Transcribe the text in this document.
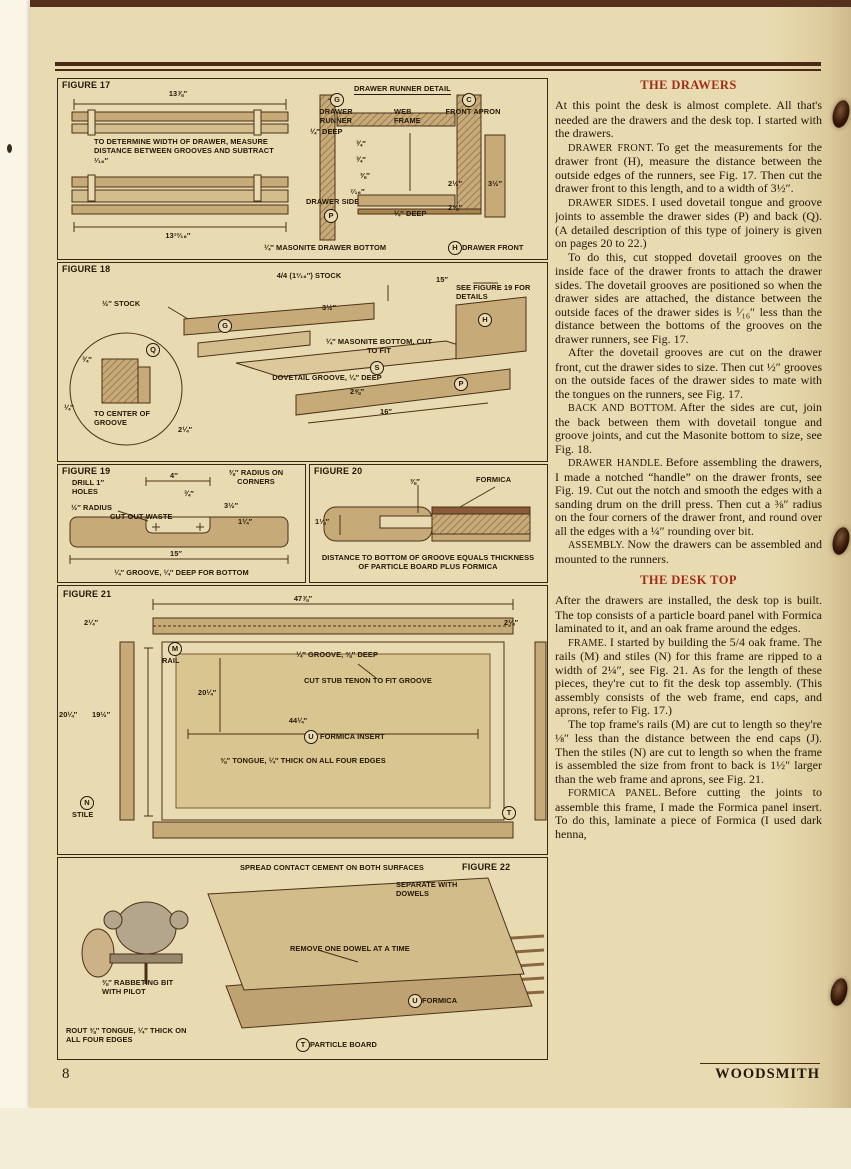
FIGURE 17
13⅞″
TO DETERMINE WIDTH OF DRAWER, MEASURE DISTANCE BETWEEN GROOVES AND SUBTRACT ¹⁄₁₆″
13¹³⁄₁₆″
DRAWER RUNNER DETAIL
G
DRAWER RUNNER
WEB FRAME
C
FRONT APRON
¼″ DEEP
¾″
¾″
⅜″
⁷⁄₁₆″
2½″	3½″
2⅝″
DRAWER SIDE
P	¼″ DEEP
¼″ MASONITE DRAWER BOTTOM	H DRAWER FRONT
FIGURE 18
4/4 (1³⁄₁₆″) STOCK	15″
SEE FIGURE 19 FOR DETAILS
½″ STOCK	3½″
G
H
¼″ MASONITE BOTTOM, CUT TO FIT
S
Q
¾″
DOVETAIL GROOVE, ¼″ DEEP
P
2⅝″
16″
TO CENTER OF GROOVE
¼″
2¼″
FIGURE 19
DRILL 1″ HOLES
4″	⅜″ RADIUS ON CORNERS
¾″
½″ RADIUS
CUT OUT WASTE
3½″
1¼″
15″
¼″ GROOVE, ¼″ DEEP FOR BOTTOM
FIGURE 20
FORMICA
⅜″
1⅛″
DISTANCE TO BOTTOM OF GROOVE EQUALS THICKNESS OF PARTICLE BOARD PLUS FORMICA
FIGURE 21	47⅞″
2¼″	2¼″
M
RAIL
¼″ GROOVE, ⅜″ DEEP
CUT STUB TENON TO FIT GROOVE
20¼″ 19½″
20¼″
44¼″
U FORMICA INSERT
⅜″ TONGUE, ¼″ THICK ON ALL FOUR EDGES
N
STILE	T
SPREAD CONTACT CEMENT ON BOTH SURFACES	FIGURE 22
SEPARATE WITH DOWELS
REMOVE ONE DOWEL AT A TIME
⅜″ RABBETING BIT WITH PILOT
U FORMICA
ROUT ⅜″ TONGUE, ¼″ THICK ON ALL FOUR EDGES
T PARTICLE BOARD
THE DRAWERS

At this point the desk is almost complete. All that's needed are the drawers and the desk top. I started with the drawers.

DRAWER FRONT. To get the measurements for the drawer front (H), measure the distance between the outside edges of the runners, see Fig. 17. Then cut the drawer front to this length, and to a width of 3½″.

DRAWER SIDES. I used dovetail tongue and groove joints to assemble the drawer sides (P) and back (Q). (A detailed description of this type of joinery is given on pages 20 to 22.)

To do this, cut stopped dovetail grooves on the inside face of the drawer fronts to attach the drawer sides. The dovetail grooves are positioned so when the drawer sides are attached, the distance between the outside faces of the drawer sides is ¹⁄₁₆″ less than the distance between the bottoms of the grooves on the drawer runners, see Fig. 17.

After the dovetail grooves are cut on the drawer front, cut the drawer sides to size. Then cut ½″ grooves on the outside faces of the drawer sides to mate with the tongues on the runners, see Fig. 17.

BACK AND BOTTOM. After the sides are cut, join the back between them with dovetail tongue and groove joints, and cut the Masonite bottom to size, see Fig. 18.

DRAWER HANDLE. Before assembling the drawers, I made a notched “handle” on the drawer fronts, see Fig. 19. Cut out the notch and smooth the edges with a sanding drum on the drill press. Then cut a ⅜″ radius on the four corners of the drawer front, and round over all the edges with a ¼″ rounding over bit.

ASSEMBLY. Now the drawers can be assembled and mounted to the runners.

THE DESK TOP

After the drawers are installed, the desk top is built. The top consists of a particle board panel with Formica laminated to it, and an oak frame around the edges.

FRAME. I started by building the 5/4 oak frame. The rails (M) and stiles (N) for this frame are ripped to a width of 2¼″, see Fig. 21. As for the length of these pieces, they're cut to fit the desk top assembly. (This assembly consists of the web frame, end caps, and aprons, refer to Fig. 17.)

The top frame's rails (M) are cut to length so they're ⅛″ less than the distance between the end caps (J). Then the stiles (N) are cut to length so when the frame is assembled the size from front to back is 1½″ larger than the web frame and aprons, see Fig. 21.

FORMICA PANEL. Before cutting the joints to assemble this frame, I made the Formica panel insert. To do this, laminate a piece of Formica (I used dark henna,

8	WOODSMITH
